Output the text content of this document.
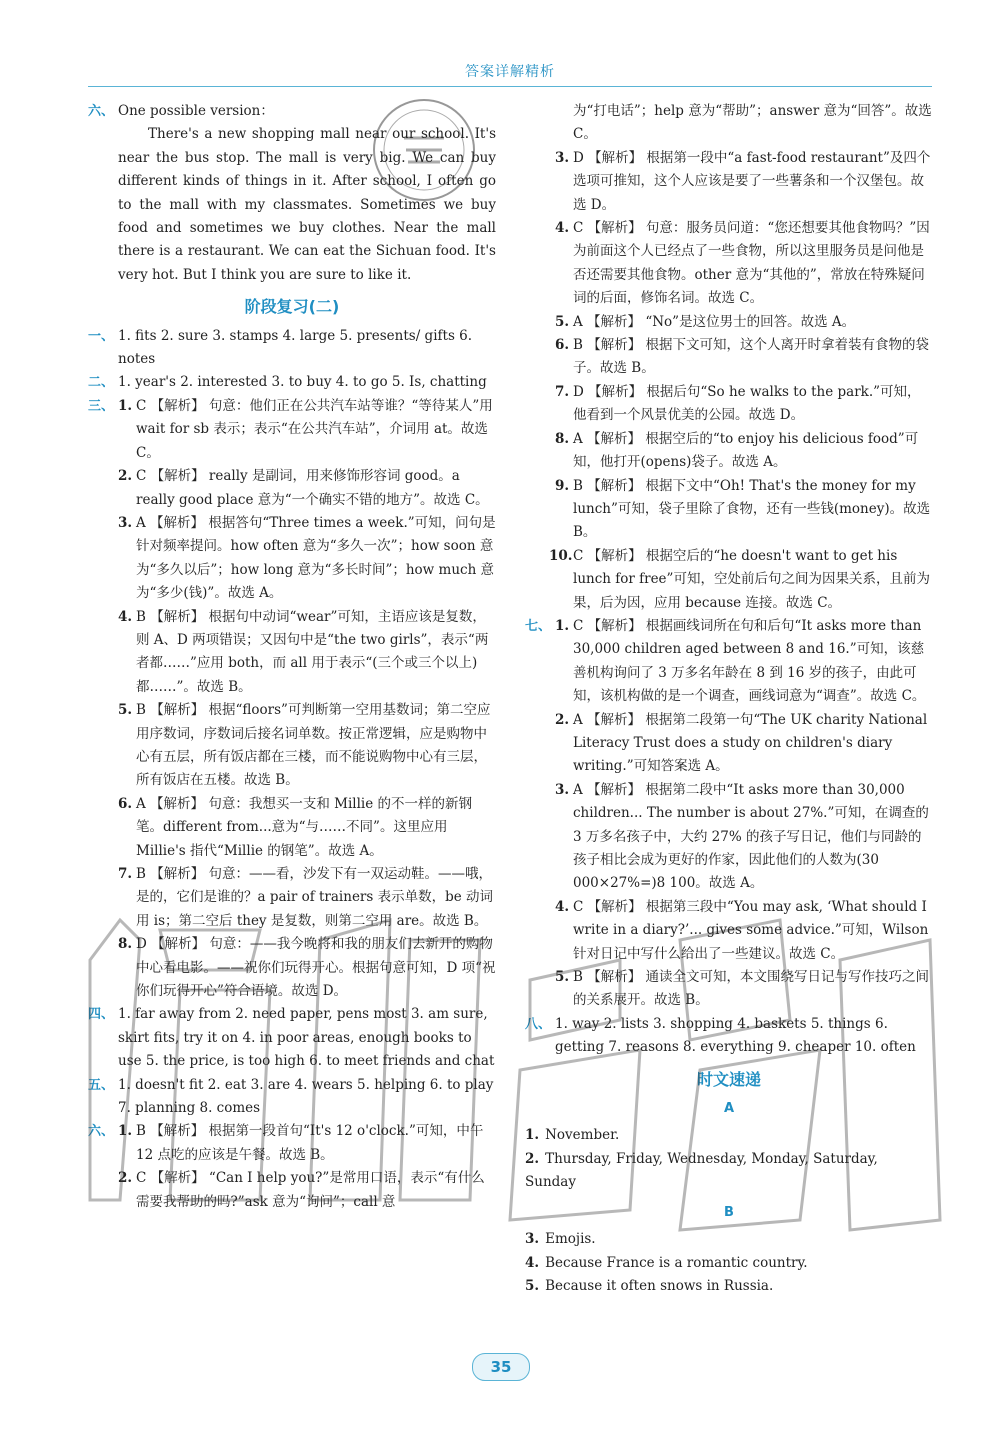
答案详解精析

六、 One possible version：

There's a new shopping mall near our school. It's near the bus stop. The mall is very big. We can buy different kinds of things in it. After school, I often go to the mall with my classmates. Sometimes we buy food and sometimes we buy clothes. Near the mall there is a restaurant. We can eat the Sichuan food. It's very hot. But I think you are sure to like it.

阶段复习(二)

一、 1. fits 2. sure 3. stamps 4. large 5. presents/ gifts 6. notes

二、 1. year's 2. interested 3. to buy 4. to go 5. Is, chatting

三、 1. C 【解析】 句意：他们正在公共汽车站等谁？“等待某人”用 wait for sb 表示；表示“在公共汽车站”，介词用 at。故选 C。

2. C 【解析】 really 是副词，用来修饰形容词 good。a really good place 意为“一个确实不错的地方”。故选 C。

3. A 【解析】 根据答句“Three times a week.”可知，问句是针对频率提问。how often 意为“多久一次”；how soon 意为“多久以后”；how long 意为“多长时间”；how much 意为“多少(钱)”。故选 A。

4. B 【解析】 根据句中动词“wear”可知，主语应该是复数，则 A、D 两项错误；又因句中是“the two girls”，表示“两者都……”应用 both，而 all 用于表示“(三个或三个以上)都……”。故选 B。

5. B 【解析】 根据“floors”可判断第一空用基数词；第二空应用序数词，序数词后接名词单数。按正常逻辑，应是购物中心有五层，所有饭店都在三楼，而不能说购物中心有三层，所有饭店在五楼。故选 B。

6. A 【解析】 句意：我想买一支和 Millie 的不一样的新钢笔。different from...意为“与……不同”。这里应用 Millie's 指代“Millie 的钢笔”。故选 A。

7. B 【解析】 句意：——看，沙发下有一双运动鞋。——哦，是的，它们是谁的？a pair of trainers 表示单数，be 动词用 is；第二空后 they 是复数，则第二空用 are。故选 B。

8. D 【解析】 句意：——我今晚将和我的朋友们去新开的购物中心看电影。——祝你们玩得开心。根据句意可知，D 项“祝你们玩得开心”符合语境。故选 D。

四、 1. far away from 2. need paper, pens most 3. am sure, skirt fits, try it on 4. in poor areas, enough books to use 5. the price, is too high 6. to meet friends and chat

五、 1. doesn't fit 2. eat 3. are 4. wears 5. helping 6. to play 7. planning 8. comes

六、 1. B 【解析】 根据第一段首句“It's 12 o'clock.”可知，中午 12 点吃的应该是午餐。故选 B。

2. C 【解析】 “Can I help you?”是常用口语，表示“有什么需要我帮助的吗?”ask 意为“询问”；call 意

为“打电话”；help 意为“帮助”；answer 意为“回答”。故选 C。

3. D 【解析】 根据第一段中“a fast-food restaurant”及四个选项可推知，这个人应该是要了一些薯条和一个汉堡包。故选 D。

4. C 【解析】 句意：服务员问道：“您还想要其他食物吗？”因为前面这个人已经点了一些食物，所以这里服务员是问他是否还需要其他食物。other 意为“其他的”，常放在特殊疑问词的后面，修饰名词。故选 C。

5. A 【解析】 “No”是这位男士的回答。故选 A。

6. B 【解析】 根据下文可知，这个人离开时拿着装有食物的袋子。故选 B。

7. D 【解析】 根据后句“So he walks to the park.”可知，他看到一个风景优美的公园。故选 D。

8. A 【解析】 根据空后的“to enjoy his delicious food”可知，他打开(opens)袋子。故选 A。

9. B 【解析】 根据下文中“Oh! That's the money for my lunch”可知，袋子里除了食物，还有一些钱(money)。故选 B。

10. C 【解析】 根据空后的“he doesn't want to get his lunch for free”可知，空处前后句之间为因果关系，且前为果，后为因，应用 because 连接。故选 C。

七、 1. C 【解析】 根据画线词所在句和后句“It asks more than 30,000 children aged between 8 and 16.”可知，该慈善机构询问了 3 万多名年龄在 8 到 16 岁的孩子，由此可知，该机构做的是一个调查，画线词意为“调查”。故选 C。

2. A 【解析】 根据第二段第一句“The UK charity National Literacy Trust does a study on children's diary writing.”可知答案选 A。

3. A 【解析】 根据第二段中“It asks more than 30,000 children... The number is about 27%.”可知，在调查的 3 万多名孩子中，大约 27% 的孩子写日记，他们与同龄的孩子相比会成为更好的作家，因此他们的人数为(30 000×27%=)8 100。故选 A。

4. C 【解析】 根据第三段中“You may ask, ‘What should I write in a diary?’... gives some advice.”可知，Wilson 针对日记中写什么给出了一些建议。故选 C。

5. B 【解析】 通读全文可知，本文围绕写日记与写作技巧之间的关系展开。故选 B。

八、 1. way 2. lists 3. shopping 4. baskets 5. things 6. getting 7. reasons 8. everything 9. cheaper 10. often

时文速递
A

1. November.

2. Thursday, Friday, Wednesday, Monday, Saturday, Sunday

B

3. Emojis.

4. Because France is a romantic country.

5. Because it often snows in Russia.

35
